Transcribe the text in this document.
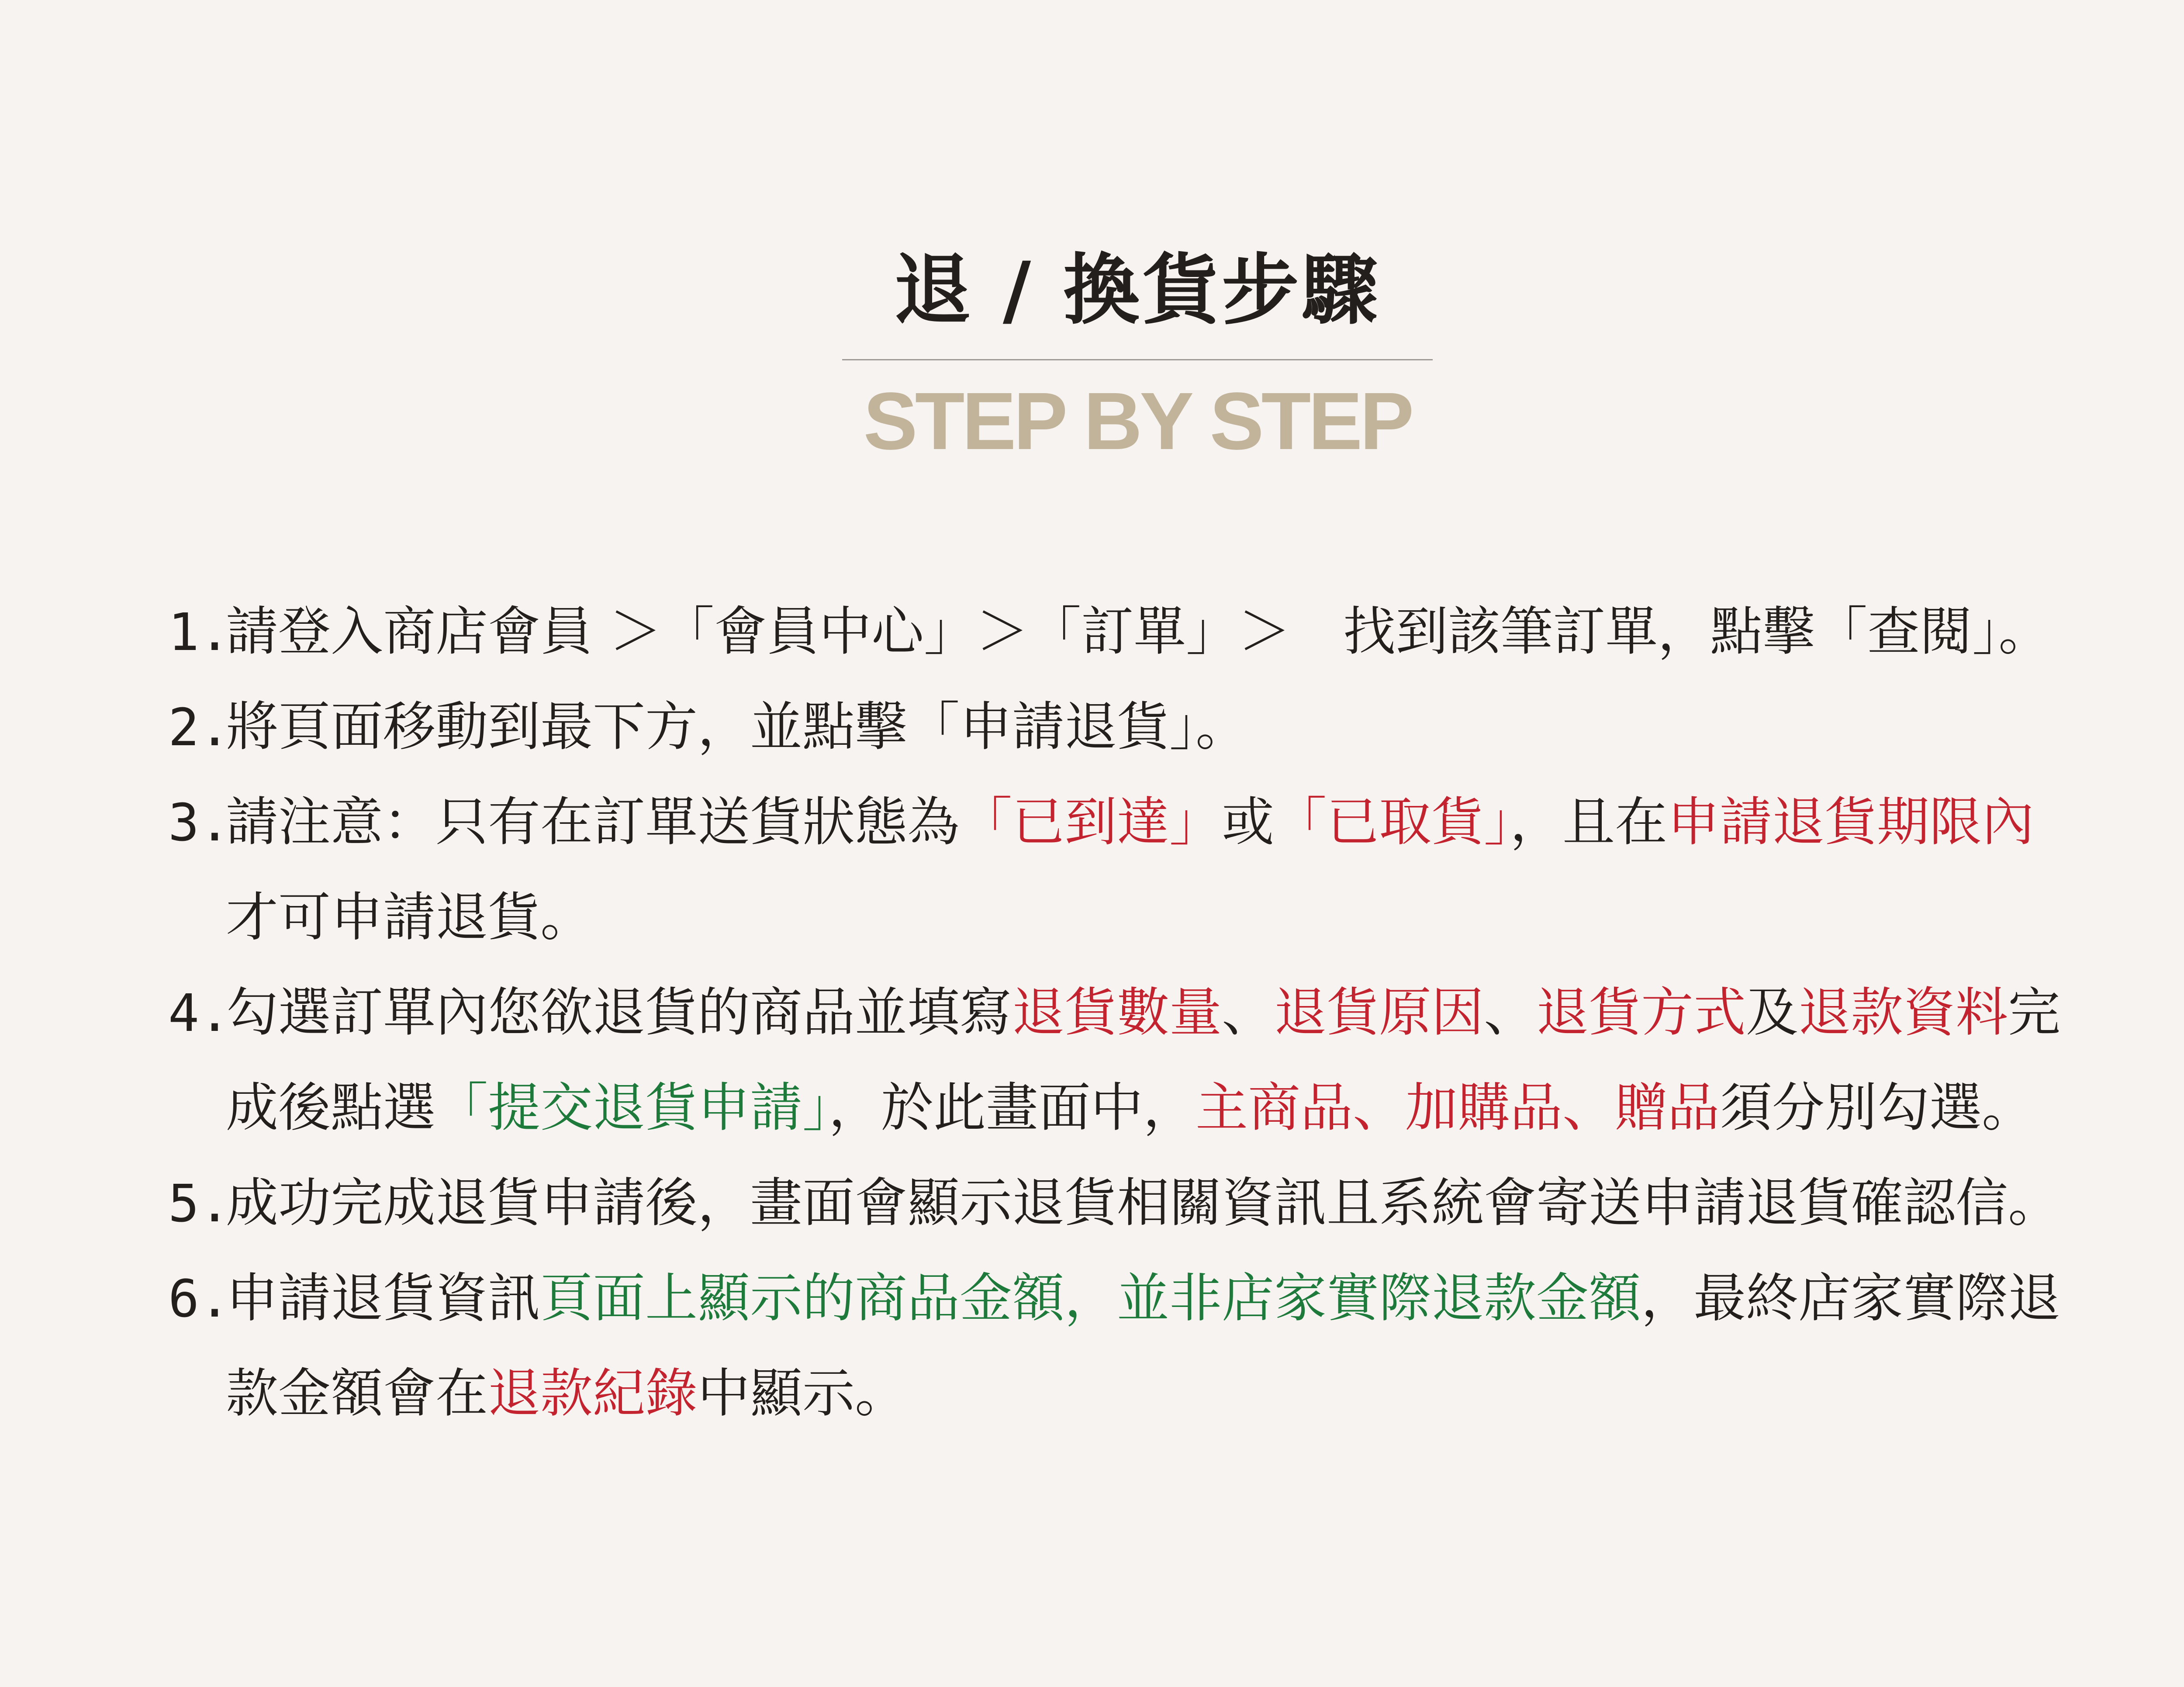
退 / 換貨步驟
STEP BY STEP
1.
請登入商店會員 ＞「會員中心」＞「訂單」＞　找到該筆訂單，點擊「查閱」。
2.
將頁面移動到最下方，並點擊「申請退貨」。
3.
請注意：只有在訂單送貨狀態為「已到達」或「已取貨」，且在申請退貨期限內
才可申請退貨。
4.
勾選訂單內您欲退貨的商品並填寫退貨數量、退貨原因、退貨方式及退款資料完
成後點選「提交退貨申請」，於此畫面中，主商品、加購品、贈品須分別勾選。
5.
成功完成退貨申請後，畫面會顯示退貨相關資訊且系統會寄送申請退貨確認信。
6.
申請退貨資訊頁面上顯示的商品金額，並非店家實際退款金額，最終店家實際退
款金額會在退款紀錄中顯示。
